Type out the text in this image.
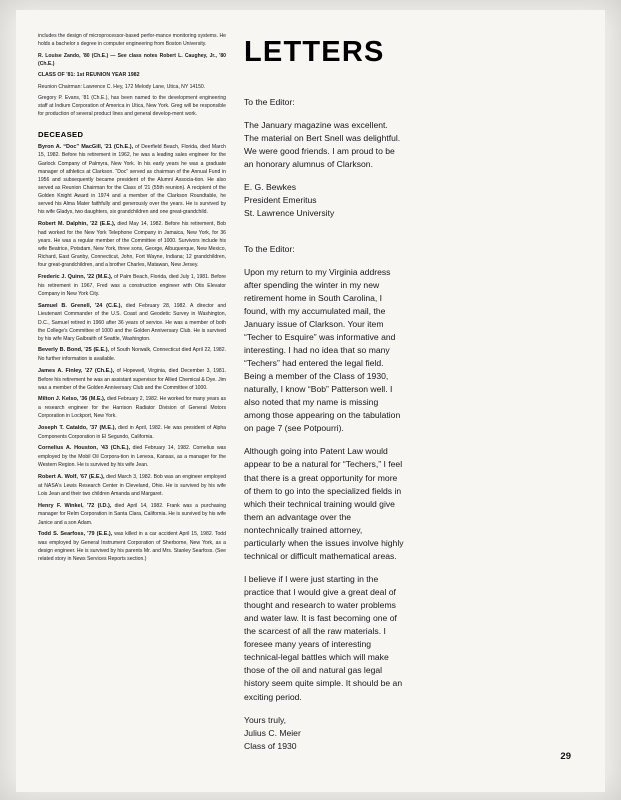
includes the design of microprocessor-based perfor-mance monitoring systems. He holds a bachelor s degree in computer engineering from Boston University.

R. Louise Zando, '80 (Ch.E.) — See class notes Robert L. Caughey, Jr., '80 (Ch.E.)

CLASS OF '81: 1st REUNION YEAR 1982

Reunion Chairman: Lawrence C. Hey, 172 Melody Lane, Utica, NY 14150.

Gregory P. Evans, '81 (Ch.E.), has been named to the development engineering staff at Indium Corporation of America in Utica, New York. Greg will be responsible for production of several product lines and general develop-ment work.

DECEASED

Byron A. “Doc” MacGill, '21 (Ch.E.), of Deerfield Beach, Florida, died March 15, 1982. Before his retirement in 1962, he was a leading sales engineer for the Garlock Company of Palmyra, New York. In his early years he was a graduate manager of athletics at Clarkson. “Doc” served as chairman of the Annual Fund in 1956 and subsequently became president of the Alumni Associa-tion. He also served as Reunion Chairman for the Class of '21 (55th reunion). A recipient of the Golden Knight Award in 1974 and a member of the Clarkson Roundtable, he served his Alma Mater faithfully and generously over the years. He is survived by his wife Gladys, two daughters, six grandchildren and one great-grandchild.

Robert M. Dalphin, '22 (E.E.), died May 14, 1982. Before his retirement, Bob had worked for the New York Telephone Company in Jamaica, New York, for 36 years. He was a regular member of the Committee of 1000. Survivors include his wife Beatrice, Potsdam, New York, three sons, George, Albuquerque, New Mexico, Richard, East Granby, Connecticut, John, Fort Wayne, Indiana; 12 grandchildren, four great-grandchildren, and a brother Charles, Matawan, New Jersey.

Frederic J. Quinn, '22 (M.E.), of Palm Beach, Florida, died July 1, 1981. Before his retirement in 1967, Fred was a construction engineer with Otis Elevator Company in New York City.

Samuel B. Grenell, '24 (C.E.), died February 28, 1982. A director and Lieutenant Commander of the U.S. Coast and Geodetic Survey in Washington, D.C., Samuel retired in 1960 after 36 years of service. He was a member of both the College's Committee of 1000 and the Golden Anniversary Club. He is survived by his wife Mary Galbraith of Seattle, Washington.

Beverly B. Bond, '25 (E.E.), of South Norwalk, Connecticut died April 22, 1982. No further information is available.

James A. Finley, '27 (Ch.E.), of Hopewell, Virginia, died December 3, 1981. Before his retirement he was an assistant supervisor for Allied Chemical & Dye. Jim was a member of the Golden Anniversary Club and the Committee of 1000.

Milton J. Kelso, '36 (M.E.), died February 2, 1982. He worked for many years as a research engineer for the Harrison Radiator Division of General Motors Corporation in Lockport, New York.

Joseph T. Cataldo, '37 (M.E.), died in April, 1982. He was president of Alpha Components Corporation in El Segundo, California.

Cornelius A. Houston, '43 (Ch.E.), died February 14, 1982. Cornelius was employed by the Mobil Oil Corpora-tion in Lenexa, Kansas, as a manager for the Western Region. He is survived by his wife Jean.

Robert A. Wolf, '67 (E.E.), died March 3, 1982. Bob was an engineer employed at NASA's Lewis Research Center in Cleveland, Ohio. He is survived by his wife Lois Jean and their two children Amanda and Margaret.

Henry F. Winkel, '72 (I.D.), died April 14, 1982. Frank was a purchasing manager for Relm Corporation in Santa Clara, California. He is survived by his wife Janice and a son Adam.

Todd S. Searfoss, '79 (E.E.), was killed in a car accident April 15, 1982. Todd was employed by General Instrument Corporation of Sherborne, New York, as a design engineer. He is survived by his parents Mr. and Mrs. Stanley Searfoss. (See related story in News Services Reports section.)

LETTERS

To the Editor:

The January magazine was excellent. The material on Bert Snell was delightful. We were good friends. I am proud to be an honorary alumnus of Clarkson.

E. G. Bewkes

President Emeritus

St. Lawrence University

To the Editor:

Upon my return to my Virginia address after spending the winter in my new retirement home in South Carolina, I found, with my accumulated mail, the January issue of Clarkson. Your item “Techer to Esquire” was informative and interesting. I had no idea that so many “Techers” had entered the legal field. Being a member of the Class of 1930, naturally, I know “Bob” Patterson well. I also noted that my name is missing among those appearing on the tabulation on page 7 (see Potpourri).

Although going into Patent Law would appear to be a natural for “Techers,” I feel that there is a great opportunity for more of them to go into the specialized fields in which their technical training would give them an advantage over the nontechnically trained attorney, particularly when the issues involve highly technical or difficult mathematical areas.

I believe if I were just starting in the practice that I would give a great deal of thought and research to water problems and water law. It is fast becoming one of the scarcest of all the raw materials. I foresee many years of interesting technical-legal battles which will make those of the oil and natural gas legal history seem quite simple. It should be an exciting period.

Yours truly,

Julius C. Meier

Class of 1930

29
